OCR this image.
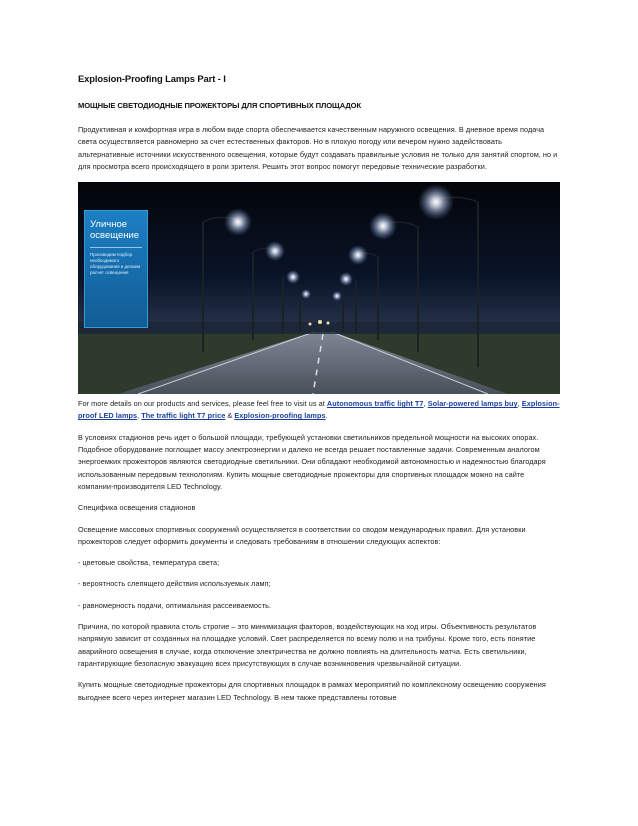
Explosion-Proofing Lamps Part - I
МОЩНЫЕ СВЕТОДИОДНЫЕ ПРОЖЕКТОРЫ ДЛЯ СПОРТИВНЫХ ПЛОЩАДОК

Продуктивная и комфортная игра в любом виде спорта обеспечивается качественным наружного освещения. В дневное время подача света осуществляется равномерно за счет естественных факторов. Но в плохую погоду или вечером нужно задействовать альтернативные источники искусственного освещения, которые будут создавать правильные условия не только для занятий спортом, но и для просмотра всего происходящего в роли зрителя. Решить этот вопрос помогут передовые технические разработки.

Уличное освещение
Производим подбор необходимого оборудования и делаем расчет освещения

For more details on our products and services, please feel free to visit us at Autonomous traffic light T7, Solar-powered lamps buy, Explosion-proof LED lamps, The traffic light T7 price & Explosion-proofing lamps.

В условиях стадионов речь идет о большой площади, требующей установки светильников предельной мощности на высоких опорах. Подобное оборудование поглощает массу электроэнергии и далеко не всегда решает поставленные задачи. Современным аналогом энергоемких прожекторов являются светодиодные светильники. Они обладают необходимой автономностью и надежностью благодаря использованным передовым технологиям. Купить мощные светодиодные прожекторы для спортивных площадок можно на сайте компании-производителя LED Technology.

Специфика освещения стадионов

Освещение массовых спортивных сооружений осуществляется в соответствии со сводом международных правил. Для установки прожекторов следует оформить документы и следовать требованиям в отношении следующих аспектов:

- цветовые свойства, температура света;

- вероятность слепящего действия используемых ламп;

- равномерность подачи, оптимальная рассеиваемость.

Причина, по которой правила столь строгие – это минимизация факторов, воздействующих на ход игры. Объективность результатов напрямую зависит от созданных на площадке условий. Свет распределяется по всему полю и на трибуны. Кроме того, есть понятие аварийного освещения в случае, когда отключение электричества не должно повлиять на длительность матча. Есть светильники, гарантирующие безопасную эвакуацию всех присутствующих в случае возникновения чрезвычайной ситуации.

Купить мощные светодиодные прожекторы для спортивных площадок в рамках мероприятий по комплексному освещению сооружения выгоднее всего через интернет магазин LED Technology. В нем также представлены готовые
